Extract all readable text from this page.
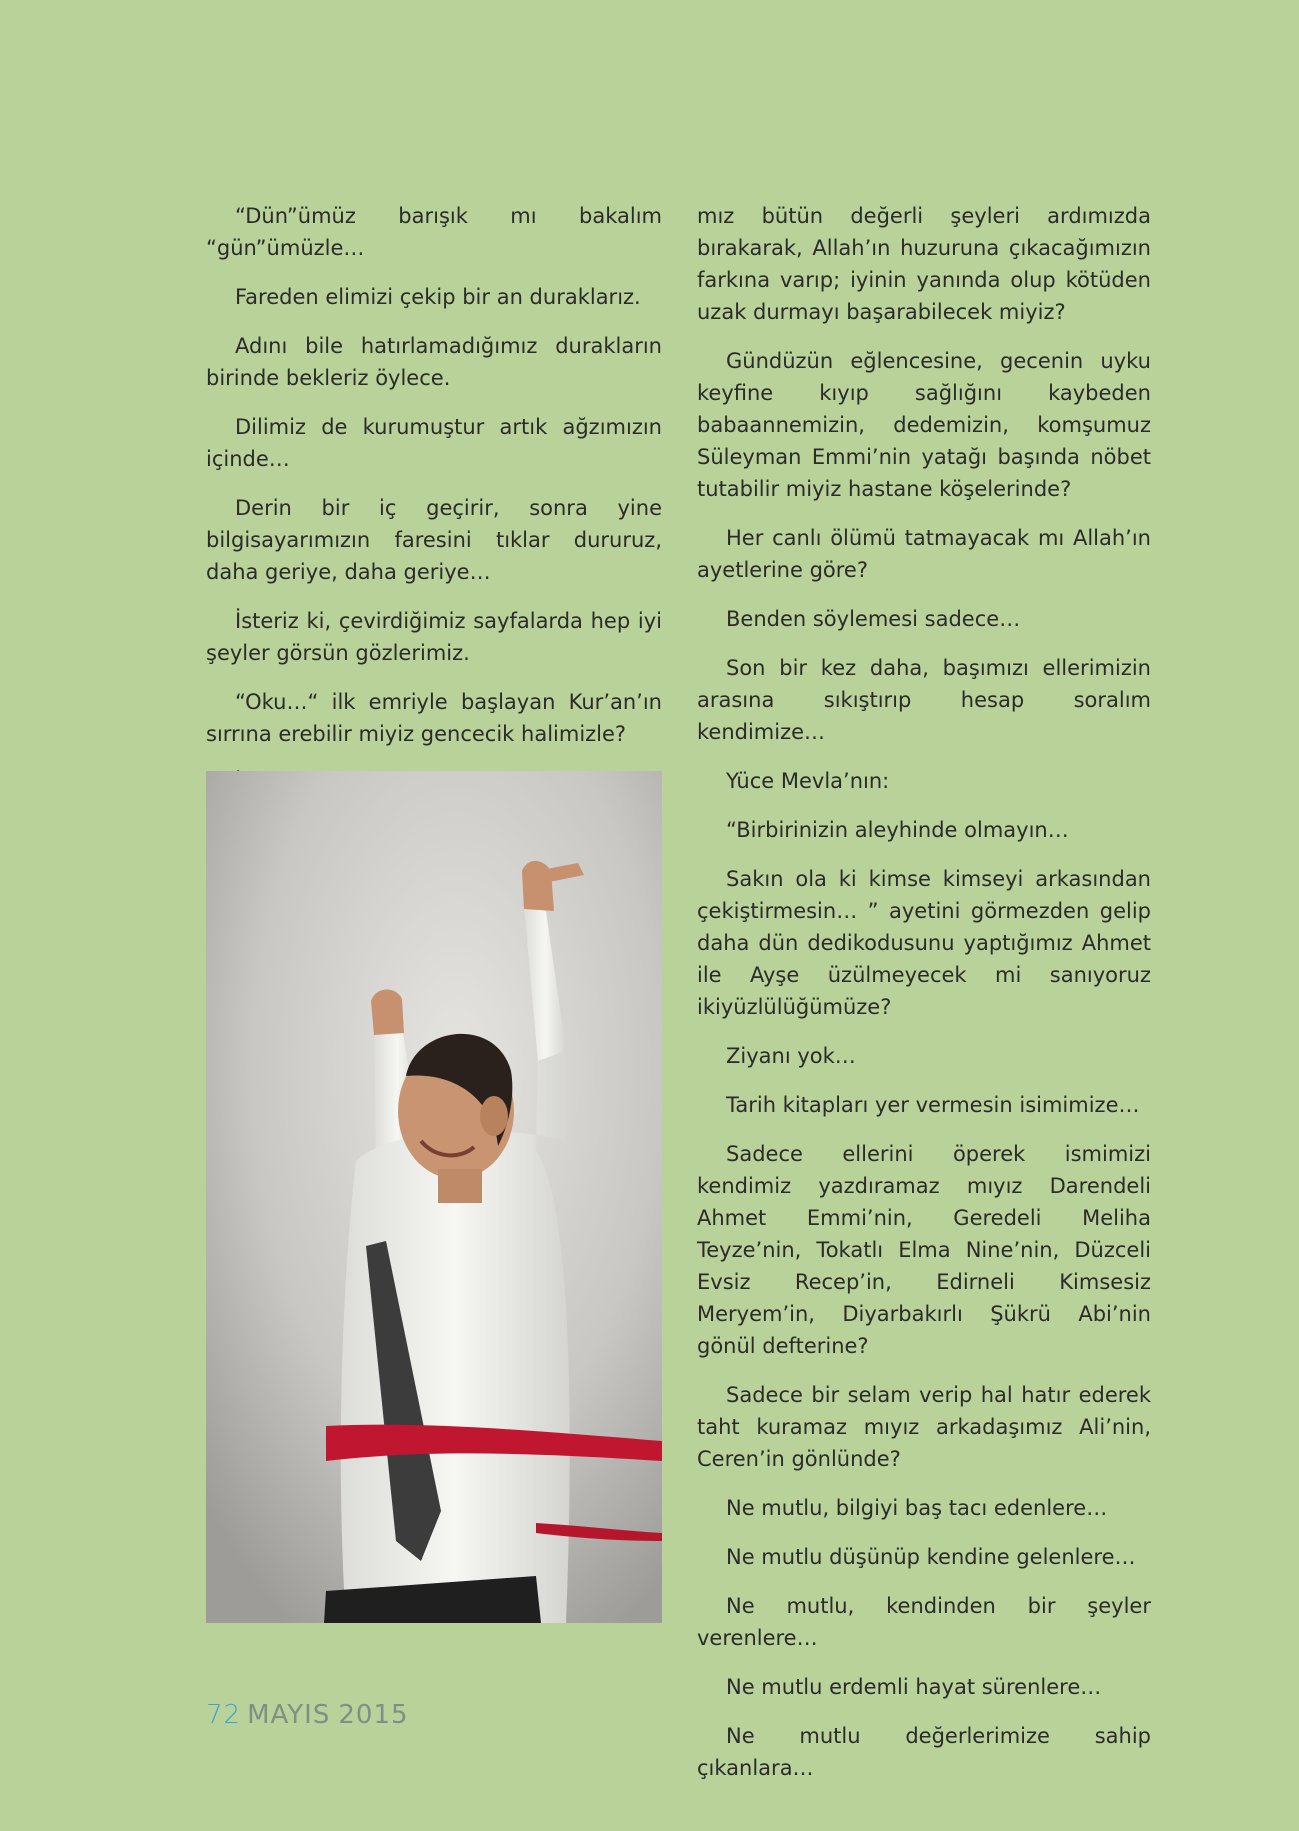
“Dün”ümüz barışık mı bakalım “gün”ümüzle…

Fareden elimizi çekip bir an duraklarız.

Adını bile hatırlamadığımız durakların birinde bekleriz öylece.

Dilimiz de kurumuştur artık ağzımızın içinde…

Derin bir iç geçirir, sonra yine bilgisayarımızın faresini tıklar dururuz, daha geriye, daha geriye…

İsteriz ki, çevirdiğimiz sayfalarda hep iyi şeyler görsün gözlerimiz.

“Oku…“ ilk emriyle başlayan Kur’an’ın sırrına erebilir miyiz gencecik halimizle?

mız bütün değerli şeyleri ardımızda bırakarak, Allah’ın huzuruna çıkacağımızın farkına varıp; iyinin yanında olup kötüden uzak durmayı başarabilecek miyiz?

Gündüzün eğlencesine, gecenin uyku keyfine kıyıp sağlığını kaybeden babaannemizin, dedemizin, komşumuz Süleyman Emmi’nin yatağı başında nöbet tutabilir miyiz hastane köşelerinde?

Her canlı ölümü tatmayacak mı Allah’ın ayetlerine göre?

Benden söylemesi sadece…

Son bir kez daha, başımızı ellerimizin arasına sıkıştırıp hesap soralım kendimize…

Yüce Mevla’nın:

“Birbirinizin aleyhinde olmayın…

Sakın ola ki kimse kimseyi arkasından çekiştirmesin… ” ayetini görmezden gelip daha dün dedikodusunu yaptığımız Ahmet ile Ayşe üzülmeyecek mi sanıyoruz ikiyüzlülüğümüze?

Ziyanı yok…

Tarih kitapları yer vermesin isimimize…

Sadece ellerini öperek ismimizi kendimiz yazdıramaz mıyız Darendeli Ahmet Emmi’nin, Geredeli Meliha Teyze’nin, Tokatlı Elma Nine’nin, Düzceli Evsiz Recep’in, Edirneli Kimsesiz Meryem’in, Diyarbakırlı Şükrü Abi’nin gönül defterine?

Sadece bir selam verip hal hatır ederek taht kuramaz mıyız arkadaşımız Ali’nin, Ceren’in gönlünde?

Ne mutlu, bilgiyi baş tacı edenlere…

Ne mutlu düşünüp kendine gelenlere…

Ne mutlu, kendinden bir şeyler verenlere…

Ne mutlu erdemli hayat sürenlere…

Ne mutlu değerlerimize sahip çıkanlara…

72 MAYIS 2015
